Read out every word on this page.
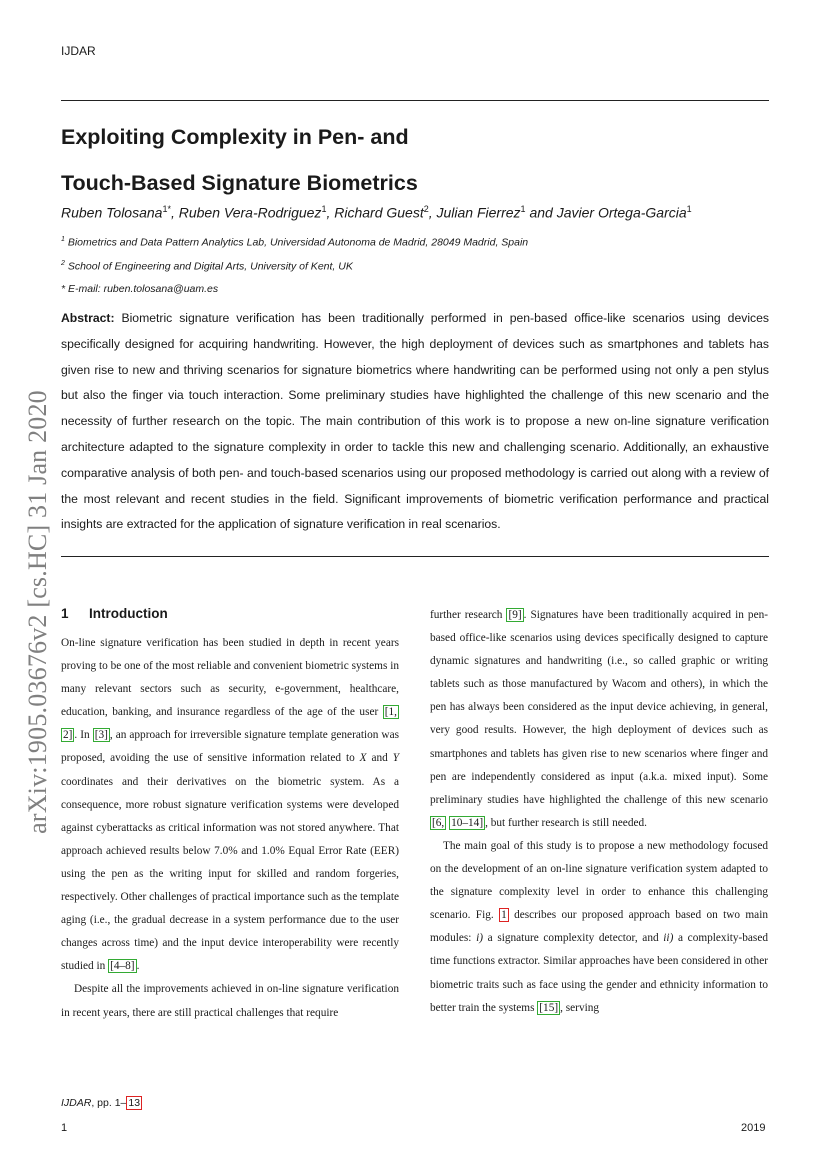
IJDAR
Exploiting Complexity in Pen- and
Touch-Based Signature Biometrics
Ruben Tolosana$^{1*}$, Ruben Vera-Rodriguez$^1$, Richard Guest$^2$, Julian Fierrez$^1$ and Javier Ortega-Garcia$^1$
$^1$ Biometrics and Data Pattern Analytics Lab, Universidad Autonoma de Madrid, 28049 Madrid, Spain
$^2$ School of Engineering and Digital Arts, University of Kent, UK
* E-mail: ruben.tolosana@uam.es

Abstract: Biometric signature verification has been traditionally performed in pen-based office-like scenarios using devices specifically designed for acquiring handwriting. However, the high deployment of devices such as smartphones and tablets has given rise to new and thriving scenarios for signature biometrics where handwriting can be performed using not only a pen stylus but also the finger via touch interaction. Some preliminary studies have highlighted the challenge of this new scenario and the necessity of further research on the topic. The main contribution of this work is to propose a new on-line signature verification architecture adapted to the signature complexity in order to tackle this new and challenging scenario. Additionally, an exhaustive comparative analysis of both pen- and touch-based scenarios using our proposed methodology is carried out along with a review of the most relevant and recent studies in the field. Significant improvements of biometric verification performance and practical insights are extracted for the application of signature verification in real scenarios.

arXiv:1905.03676v2 [cs.HC] 31 Jan 2020 1 Introduction

On-line signature verification has been studied in depth in recent years proving to be one of the most reliable and convenient biometric systems in many relevant sectors such as security, e-government, healthcare, education, banking, and insurance regardless of the age of the user [1, 2] . In [3] , an approach for irreversible signature template generation was proposed, avoiding the use of sensitive information related to X and Y coordinates and their derivatives on the biometric system. As a consequence, more robust signature verification systems were developed against cyberattacks as critical information was not stored anywhere. That approach achieved results below 7.0% and 1.0% Equal Error Rate (EER) using the pen as the writing input for skilled and random forgeries, respectively. Other challenges of practical importance such as the template aging (i.e., the gradual decrease in a system performance due to the user changes across time) and the input device interoperability were recently studied in [4–8] .

Despite all the improvements achieved in on-line signature verification in recent years, there are still practical challenges that require

further research [9] . Signatures have been traditionally acquired in pen-based office-like scenarios using devices specifically designed to capture dynamic signatures and handwriting (i.e., so called graphic or writing tablets such as those manufactured by Wacom and others), in which the pen has always been considered as the input device achieving, in general, very good results. However, the high deployment of devices such as smartphones and tablets has given rise to new scenarios where finger and pen are independently considered as input (a.k.a. mixed input). Some preliminary studies have highlighted the challenge of this new scenario [6, 10–14] , but further research is still needed.

The main goal of this study is to propose a new methodology focused on the development of an on-line signature verification system adapted to the signature complexity level in order to enhance this challenging scenario. Fig. 1 describes our proposed approach based on two main modules: i) a signature complexity detector, and ii) a complexity-based time functions extractor. Similar approaches have been considered in other biometric traits such as face using the gender and ethnicity information to better train the systems [15] , serving

IJDAR, pp. 1– 13
1	2019
